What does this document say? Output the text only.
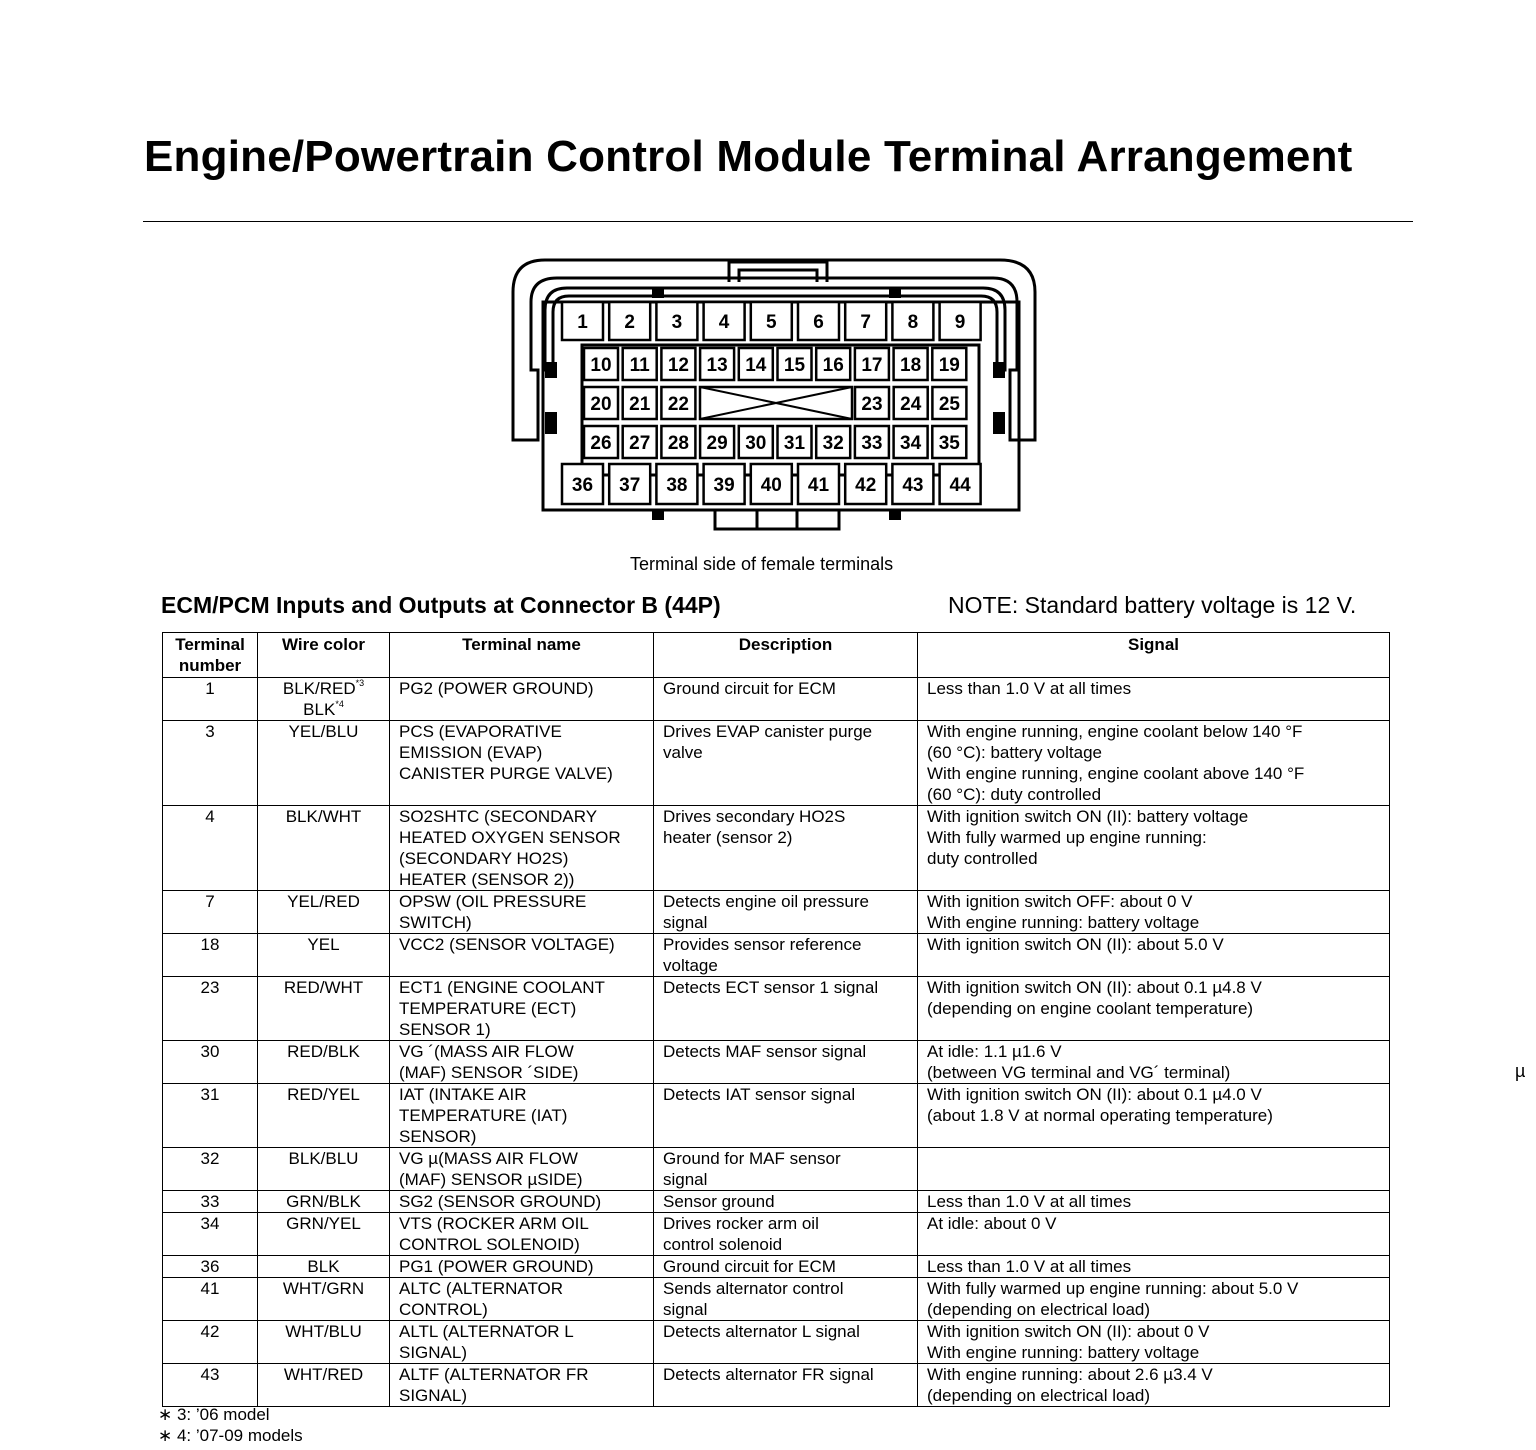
Engine/Powertrain Control Module Terminal Arrangement
1 2 3 4 5 6 7 8 9
10 11 12 13 14 15 16 17 18 19
20 21 22	23 24 25
26 27 28 29 30 31 32 33 34 35
36 37 38 39 40 41 42 43 44
Terminal side of female terminals
ECM/PCM Inputs and Outputs at Connector B (44P)	NOTE: Standard battery voltage is 12 V.
Terminal
number	Wire color	Terminal name	Description	Signal
1	BLK/RED$^{*3}$
BLK$^{*4}$	PG2 (POWER GROUND)	Ground circuit for ECM	Less than 1.0 V at all times
3	YEL/BLU	PCS (EVAPORATIVE
EMISSION (EVAP)
CANISTER PURGE VALVE)	Drives EVAP canister purge
valve	With engine running, engine coolant below 140 °F
(60 °C): battery voltage
With engine running, engine coolant above 140 °F
(60 °C): duty controlled
4	BLK/WHT	SO2SHTC (SECONDARY
HEATED OXYGEN SENSOR
(SECONDARY HO2S)
HEATER (SENSOR 2))	Drives secondary HO2S
heater (sensor 2)	With ignition switch ON (II): battery voltage
With fully warmed up engine running:
duty controlled
7	YEL/RED	OPSW (OIL PRESSURE
SWITCH)	Detects engine oil pressure
signal	With ignition switch OFF: about 0 V
With engine running: battery voltage
18	YEL	VCC2 (SENSOR VOLTAGE)	Provides sensor reference
voltage	With ignition switch ON (II): about 5.0 V
23	RED/WHT	ECT1 (ENGINE COOLANT
TEMPERATURE (ECT)
SENSOR 1)	Detects ECT sensor 1 signal	With ignition switch ON (II): about 0.1 µ4.8 V
(depending on engine coolant temperature)
30	RED/BLK	VG ´(MASS AIR FLOW
(MAF) SENSOR ´SIDE)	Detects MAF sensor signal	At idle: 1.1 µ1.6 V
(between VG terminal and VG´ terminal)
31	RED/YEL	IAT (INTAKE AIR
TEMPERATURE (IAT)
SENSOR)	Detects IAT sensor signal	With ignition switch ON (II): about 0.1 µ4.0 V
(about 1.8 V at normal operating temperature)
32	BLK/BLU	VG µ(MASS AIR FLOW
(MAF) SENSOR µSIDE)	Ground for MAF sensor
signal	
33	GRN/BLK	SG2 (SENSOR GROUND)	Sensor ground	Less than 1.0 V at all times
34	GRN/YEL	VTS (ROCKER ARM OIL
CONTROL SOLENOID)	Drives rocker arm oil
control solenoid	At idle: about 0 V
36	BLK	PG1 (POWER GROUND)	Ground circuit for ECM	Less than 1.0 V at all times
41	WHT/GRN	ALTC (ALTERNATOR
CONTROL)	Sends alternator control
signal	With fully warmed up engine running: about 5.0 V
(depending on electrical load)
42	WHT/BLU	ALTL (ALTERNATOR L
SIGNAL)	Detects alternator L signal	With ignition switch ON (II): about 0 V
With engine running: battery voltage
43	WHT/RED	ALTF (ALTERNATOR FR
SIGNAL)	Detects alternator FR signal	With engine running: about 2.6 µ3.4 V
(depending on electrical load)
∗ 3: ’06 model
∗ 4: ’07-09 models
µ
